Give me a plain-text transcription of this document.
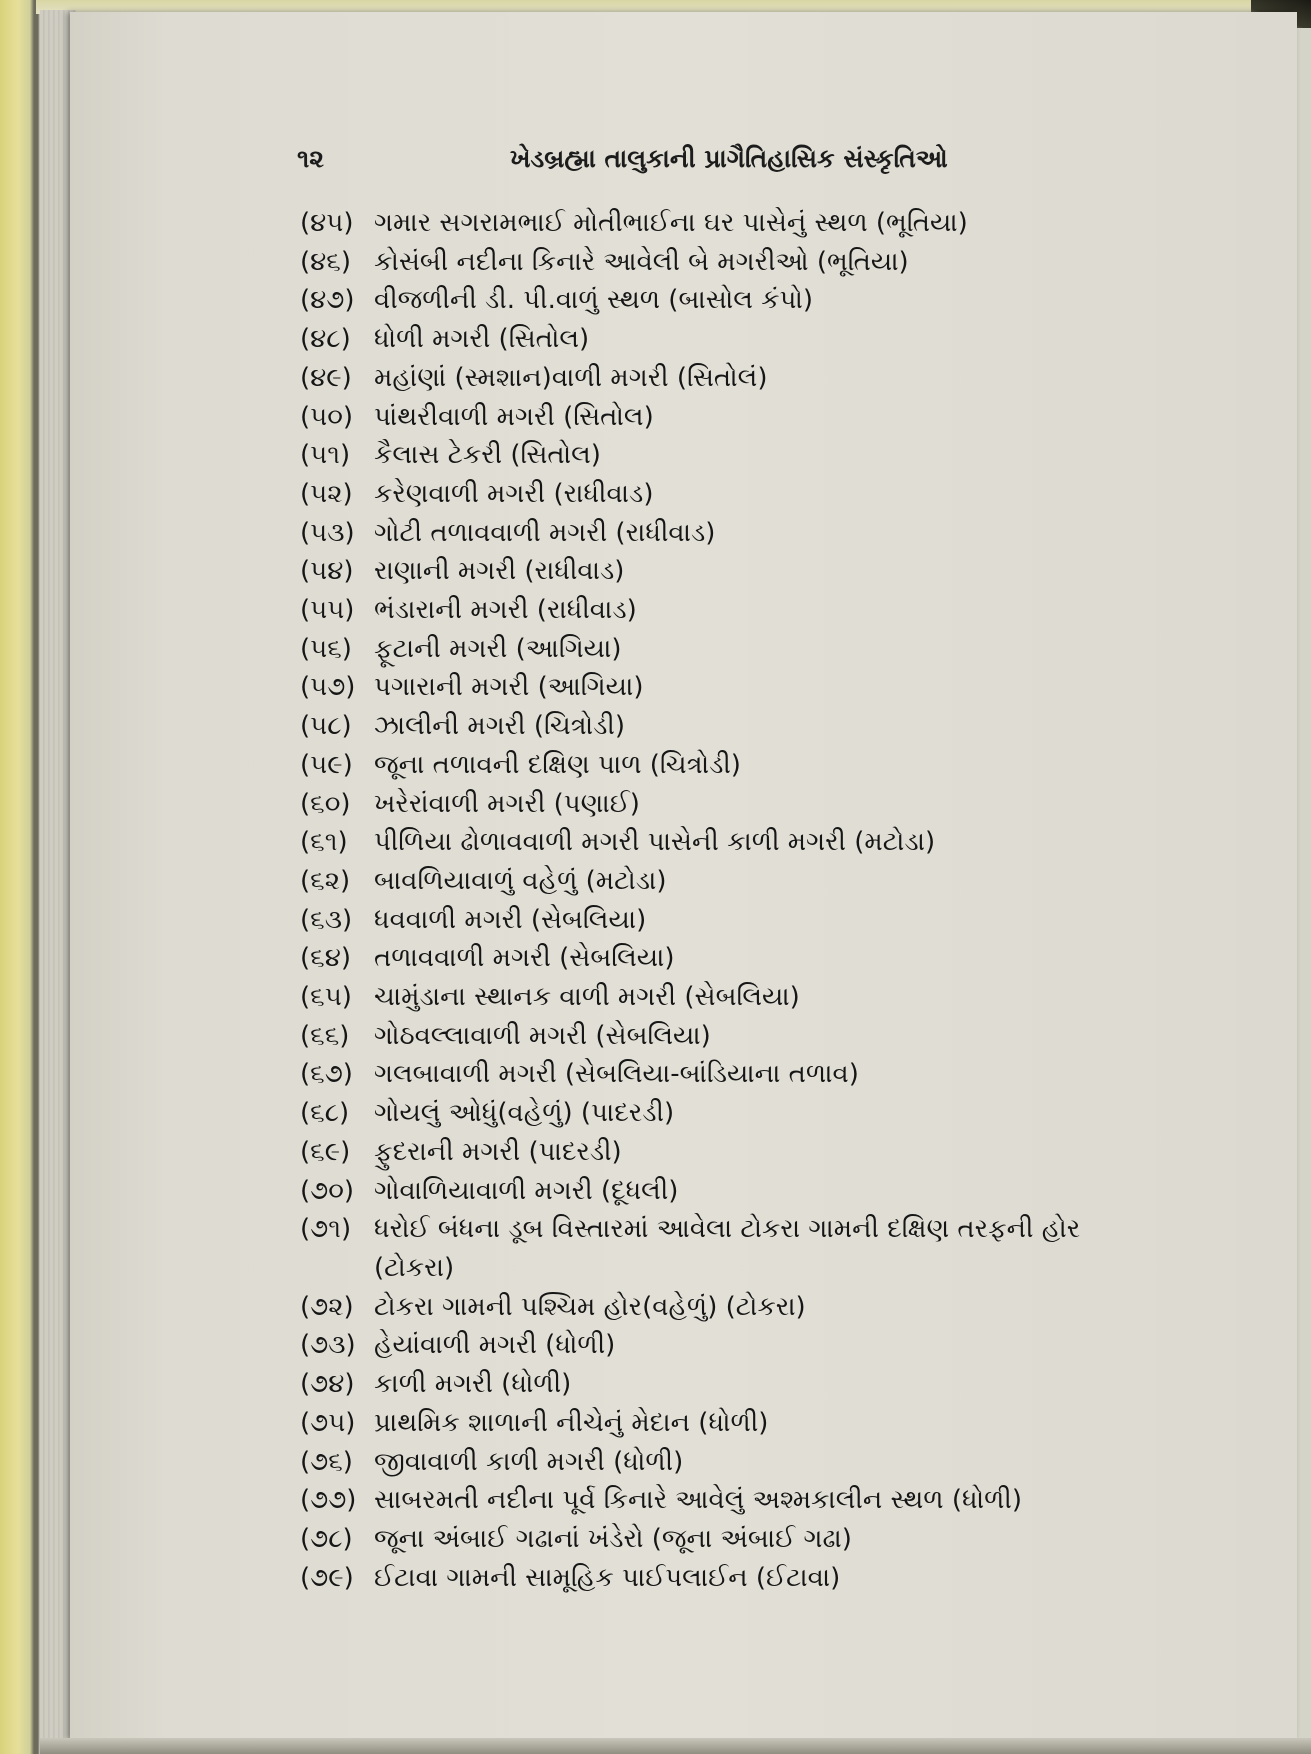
૧૨	ખેડબ્રહ્મા તાલુકાની પ્રાગૈતિહાસિક સંસ્કૃતિઓ
(૪૫) ગમાર સગરામભાઈ મોતીભાઈના ઘર પાસેનું સ્થળ (ભૂતિયા)
(૪૬) કોસંબી નદીના કિનારે આવેલી બે મગરીઓ (ભૂતિયા)
(૪૭) વીજળીની ડી. પી.વાળું સ્થળ (બાસોલ કંપો)
(૪૮) ધોળી મગરી (સિતોલ)
(૪૯) મહાંણાં (સ્મશાન)વાળી મગરી (સિતોલં)
(૫૦) પાંથરીવાળી મગરી (સિતોલ)
(૫૧) કૈલાસ ટેકરી (સિતોલ)
(૫૨) કરેણવાળી મગરી (રાધીવાડ)
(૫૩) ગોટી તળાવવાળી મગરી (રાધીવાડ)
(૫૪) રાણાની મગરી (રાધીવાડ)
(૫૫) ભંડારાની મગરી (રાધીવાડ)
(૫૬) ફૂટાની મગરી (આગિયા)
(૫૭) પગારાની મગરી (આગિયા)
(૫૮) ઝાલીની મગરી (ચિત્રોડી)
(૫૯) જૂના તળાવની દક્ષિણ પાળ (ચિત્રોડી)
(૬૦) ખરેરાંવાળી મગરી (પણાઈ)
(૬૧)	પીળિયા ઢોળાવવાળી મગરી પાસેની કાળી મગરી (મટોડા)
(૬૨) બાવળિયાવાળું વહેળું (મટોડા)
(૬૩) ધવવાળી મગરી (સેબલિયા)
(૬૪) તળાવવાળી મગરી (સેબલિયા)
(૬૫) ચામુંડાના સ્થાનક વાળી મગરી (સેબલિયા)
(૬૬) ગોઠવલ્લાવાળી મગરી (સેબલિયા)
(૬૭) ગલબાવાળી મગરી (સેબલિયા-બાંડિયાના તળાવ)
(૬૮) ગોયલું ઓધું(વહેળું) (પાદરડી)
(૬૯) ફુદરાની મગરી (પાદરડી)
(૭૦) ગોવાળિયાવાળી મગરી (દૂધલી)
(૭૧) ધરોઈ બંધના ડૂબ વિસ્તારમાં આવેલા ટોકરા ગામની દક્ષિણ તરફની હોર (ટોકરા)
(૭૨) ટોકરા ગામની પશ્ચિમ હોર(વહેળું) (ટોકરા)
(૭૩) હેયાંવાળી મગરી (ધોળી)
(૭૪) કાળી મગરી (ધોળી)
(૭૫) પ્રાથમિક શાળાની નીચેનું મેદાન (ધોળી)
(૭૬) જીવાવાળી કાળી મગરી (ધોળી)
(૭૭) સાબરમતી નદીના પૂર્વ કિનારે આવેલું અશ્મકાલીન સ્થળ (ધોળી)
(૭૮) જૂના અંબાઈ ગઢાનાં ખંડેરો (જૂના અંબાઈ ગઢા)
(૭૯) ઈટાવા ગામની સામૂહિક પાઈપલાઈન (ઈટાવા)
